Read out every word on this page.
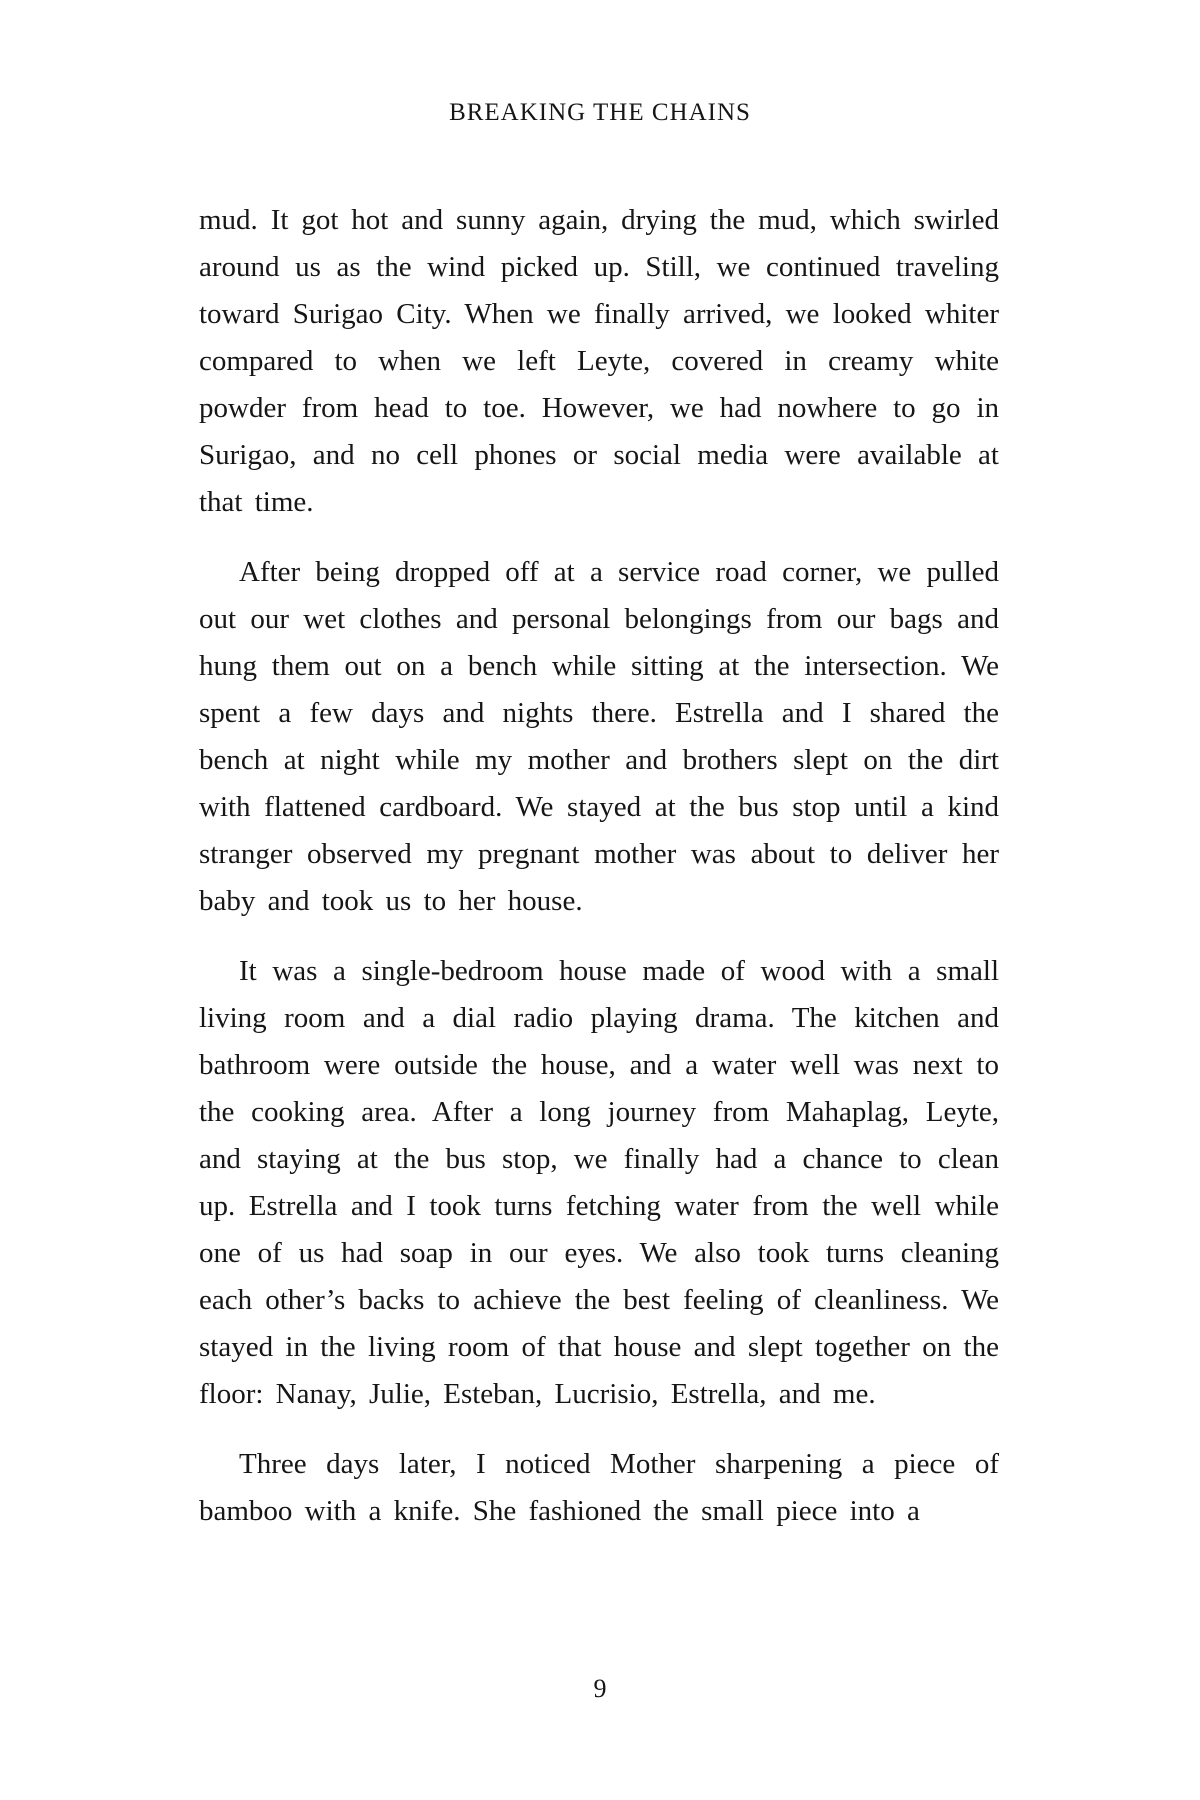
BREAKING THE CHAINS

mud. It got hot and sunny again, drying the mud, which swirled around us as the wind picked up. Still, we continued traveling toward Surigao City. When we finally arrived, we looked whiter compared to when we left Leyte, covered in creamy white powder from head to toe. However, we had nowhere to go in Surigao, and no cell phones or social media were available at that time.

After being dropped off at a service road corner, we pulled out our wet clothes and personal belongings from our bags and hung them out on a bench while sitting at the intersection. We spent a few days and nights there. Estrella and I shared the bench at night while my mother and brothers slept on the dirt with flattened cardboard. We stayed at the bus stop until a kind stranger observed my pregnant mother was about to deliver her baby and took us to her house.

It was a single-bedroom house made of wood with a small living room and a dial radio playing drama. The kitchen and bathroom were outside the house, and a water well was next to the cooking area. After a long journey from Mahaplag, Leyte, and staying at the bus stop, we finally had a chance to clean up. Estrella and I took turns fetching water from the well while one of us had soap in our eyes. We also took turns cleaning each other’s backs to achieve the best feeling of cleanliness. We stayed in the living room of that house and slept together on the floor: Nanay, Julie, Esteban, Lucrisio, Estrella, and me.

Three days later, I noticed Mother sharpening a piece of bamboo with a knife. She fashioned the small piece into a

9
